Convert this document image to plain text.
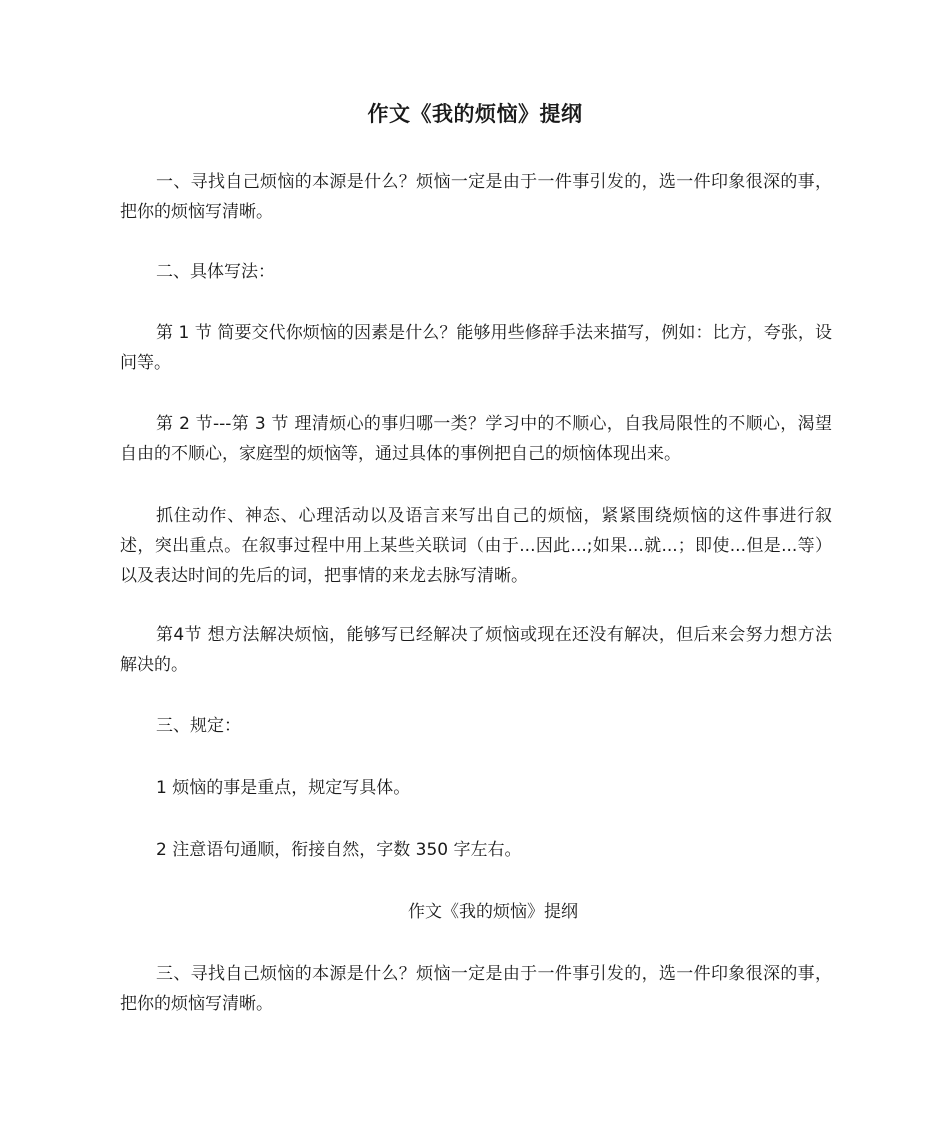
作文《我的烦恼》提纲

一、寻找自己烦恼的本源是什么？烦恼一定是由于一件事引发的，选一件印象很深的事，把你的烦恼写清晰。

二、具体写法：

第 1 节 简要交代你烦恼的因素是什么？能够用些修辞手法来描写，例如：比方，夸张，设问等。

第 2 节---第 3 节 理清烦心的事归哪一类？学习中的不顺心，自我局限性的不顺心，渴望自由的不顺心，家庭型的烦恼等，通过具体的事例把自己的烦恼体现出来。

抓住动作、神态、心理活动以及语言来写出自己的烦恼，紧紧围绕烦恼的这件事进行叙述，突出重点。在叙事过程中用上某些关联词（由于...因此...;如果...就...；即使...但是...等）以及表达时间的先后的词，把事情的来龙去脉写清晰。

第4节 想方法解决烦恼，能够写已经解决了烦恼或现在还没有解决，但后来会努力想方法解决的。

三、规定：

1 烦恼的事是重点，规定写具体。

2 注意语句通顺，衔接自然，字数 350 字左右。

作文《我的烦恼》提纲

三、寻找自己烦恼的本源是什么？烦恼一定是由于一件事引发的，选一件印象很深的事，把你的烦恼写清晰。
